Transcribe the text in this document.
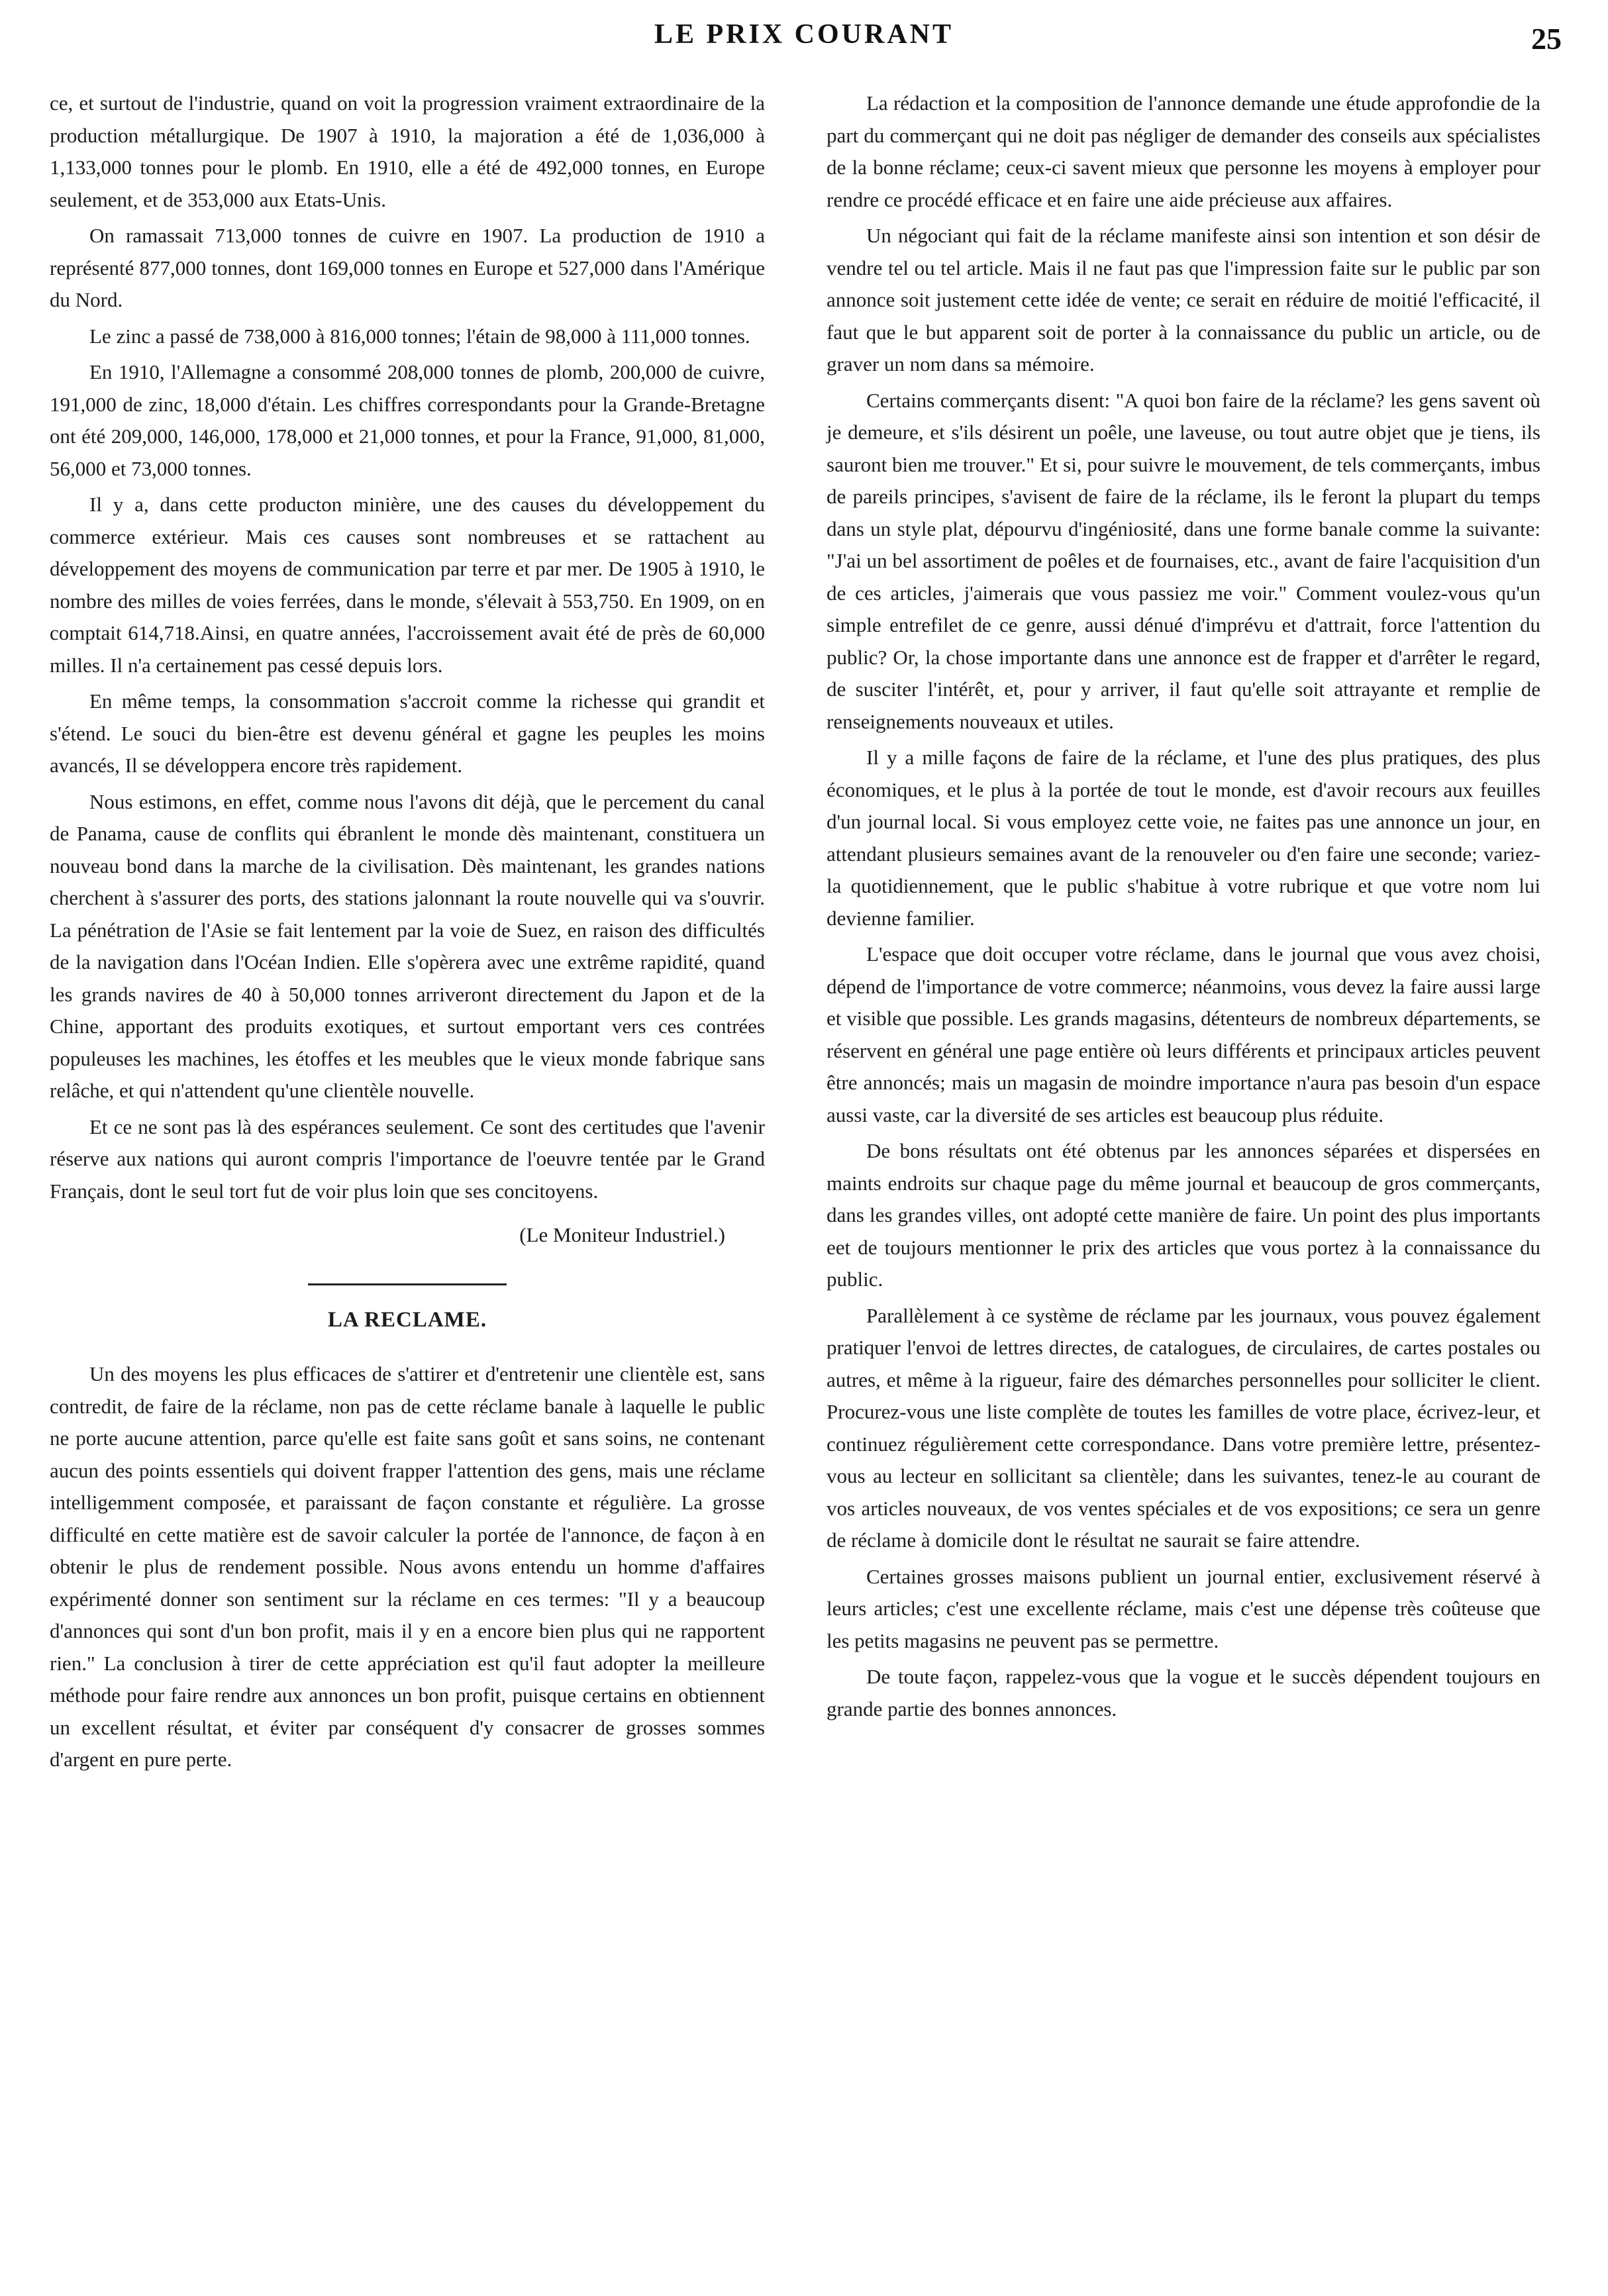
LE PRIX COURANT	25

ce, et surtout de l'industrie, quand on voit la progression vraiment extraordinaire de la production métallurgique. De 1907 à 1910, la majoration a été de 1,036,000 à 1,133,000 tonnes pour le plomb. En 1910, elle a été de 492,000 tonnes, en Europe seulement, et de 353,000 aux Etats-Unis.

On ramassait 713,000 tonnes de cuivre en 1907. La production de 1910 a représenté 877,000 tonnes, dont 169,000 tonnes en Europe et 527,000 dans l'Amérique du Nord.

Le zinc a passé de 738,000 à 816,000 tonnes; l'étain de 98,000 à 111,000 tonnes.

En 1910, l'Allemagne a consommé 208,000 tonnes de plomb, 200,000 de cuivre, 191,000 de zinc, 18,000 d'étain. Les chiffres correspondants pour la Grande-Bretagne ont été 209,000, 146,000, 178,000 et 21,000 tonnes, et pour la France, 91,000, 81,000, 56,000 et 73,000 tonnes.

Il y a, dans cette producton minière, une des causes du développement du commerce extérieur. Mais ces causes sont nombreuses et se rattachent au développement des moyens de communication par terre et par mer. De 1905 à 1910, le nombre des milles de voies ferrées, dans le monde, s'élevait à 553,750. En 1909, on en comptait 614,718.Ainsi, en quatre années, l'accroissement avait été de près de 60,000 milles. Il n'a certainement pas cessé depuis lors.

En même temps, la consommation s'accroit comme la richesse qui grandit et s'étend. Le souci du bien-être est devenu général et gagne les peuples les moins avancés, Il se développera encore très rapidement.

Nous estimons, en effet, comme nous l'avons dit déjà, que le percement du canal de Panama, cause de conflits qui ébranlent le monde dès maintenant, constituera un nouveau bond dans la marche de la civilisation. Dès maintenant, les grandes nations cherchent à s'assurer des ports, des stations jalonnant la route nouvelle qui va s'ouvrir. La pénétration de l'Asie se fait lentement par la voie de Suez, en raison des difficultés de la navigation dans l'Océan Indien. Elle s'opèrera avec une extrême rapidité, quand les grands navires de 40 à 50,000 tonnes arriveront directement du Japon et de la Chine, apportant des produits exotiques, et surtout emportant vers ces contrées populeuses les machines, les étoffes et les meubles que le vieux monde fabrique sans relâche, et qui n'attendent qu'une clientèle nouvelle.

Et ce ne sont pas là des espérances seulement. Ce sont des certitudes que l'avenir réserve aux nations qui auront compris l'importance de l'oeuvre tentée par le Grand Français, dont le seul tort fut de voir plus loin que ses concitoyens.

(Le Moniteur Industriel.)
LA RECLAME.

Un des moyens les plus efficaces de s'attirer et d'entretenir une clientèle est, sans contredit, de faire de la réclame, non pas de cette réclame banale à laquelle le public ne porte aucune attention, parce qu'elle est faite sans goût et sans soins, ne contenant aucun des points essentiels qui doivent frapper l'attention des gens, mais une réclame intelligemment composée, et paraissant de façon constante et régulière. La grosse difficulté en cette matière est de savoir calculer la portée de l'annonce, de façon à en obtenir le plus de rendement possible. Nous avons entendu un homme d'affaires expérimenté donner son sentiment sur la réclame en ces termes: "Il y a beaucoup d'annonces qui sont d'un bon profit, mais il y en a encore bien plus qui ne rapportent rien." La conclusion à tirer de cette appréciation est qu'il faut adopter la meilleure méthode pour faire rendre aux annonces un bon profit, puisque certains en obtiennent un excellent résultat, et éviter par conséquent d'y consacrer de grosses sommes d'argent en pure perte.

La rédaction et la composition de l'annonce demande une étude approfondie de la part du commerçant qui ne doit pas négliger de demander des conseils aux spécialistes de la bonne réclame; ceux-ci savent mieux que personne les moyens à employer pour rendre ce procédé efficace et en faire une aide précieuse aux affaires.

Un négociant qui fait de la réclame manifeste ainsi son intention et son désir de vendre tel ou tel article. Mais il ne faut pas que l'impression faite sur le public par son annonce soit justement cette idée de vente; ce serait en réduire de moitié l'efficacité, il faut que le but apparent soit de porter à la connaissance du public un article, ou de graver un nom dans sa mémoire.

Certains commerçants disent: "A quoi bon faire de la réclame? les gens savent où je demeure, et s'ils désirent un poêle, une laveuse, ou tout autre objet que je tiens, ils sauront bien me trouver." Et si, pour suivre le mouvement, de tels commerçants, imbus de pareils principes, s'avisent de faire de la réclame, ils le feront la plupart du temps dans un style plat, dépourvu d'ingéniosité, dans une forme banale comme la suivante: "J'ai un bel assortiment de poêles et de fournaises, etc., avant de faire l'acquisition d'un de ces articles, j'aimerais que vous passiez me voir." Comment voulez-vous qu'un simple entrefilet de ce genre, aussi dénué d'imprévu et d'attrait, force l'attention du public? Or, la chose importante dans une annonce est de frapper et d'arrêter le regard, de susciter l'intérêt, et, pour y arriver, il faut qu'elle soit attrayante et remplie de renseignements nouveaux et utiles.

Il y a mille façons de faire de la réclame, et l'une des plus pratiques, des plus économiques, et le plus à la portée de tout le monde, est d'avoir recours aux feuilles d'un journal local. Si vous employez cette voie, ne faites pas une annonce un jour, en attendant plusieurs semaines avant de la renouveler ou d'en faire une seconde; variez-la quotidiennement, que le public s'habitue à votre rubrique et que votre nom lui devienne familier.

L'espace que doit occuper votre réclame, dans le journal que vous avez choisi, dépend de l'importance de votre commerce; néanmoins, vous devez la faire aussi large et visible que possible. Les grands magasins, détenteurs de nombreux départements, se réservent en général une page entière où leurs différents et principaux articles peuvent être annoncés; mais un magasin de moindre importance n'aura pas besoin d'un espace aussi vaste, car la diversité de ses articles est beaucoup plus réduite.

De bons résultats ont été obtenus par les annonces séparées et dispersées en maints endroits sur chaque page du même journal et beaucoup de gros commerçants, dans les grandes villes, ont adopté cette manière de faire. Un point des plus importants eet de toujours mentionner le prix des articles que vous portez à la connaissance du public.

Parallèlement à ce système de réclame par les journaux, vous pouvez également pratiquer l'envoi de lettres directes, de catalogues, de circulaires, de cartes postales ou autres, et même à la rigueur, faire des démarches personnelles pour solliciter le client. Procurez-vous une liste complète de toutes les familles de votre place, écrivez-leur, et continuez régulièrement cette correspondance. Dans votre première lettre, présentez-vous au lecteur en sollicitant sa clientèle; dans les suivantes, tenez-le au courant de vos articles nouveaux, de vos ventes spéciales et de vos expositions; ce sera un genre de réclame à domicile dont le résultat ne saurait se faire attendre.

Certaines grosses maisons publient un journal entier, exclusivement réservé à leurs articles; c'est une excellente réclame, mais c'est une dépense très coûteuse que les petits magasins ne peuvent pas se permettre.

De toute façon, rappelez-vous que la vogue et le succès dépendent toujours en grande partie des bonnes annonces.
